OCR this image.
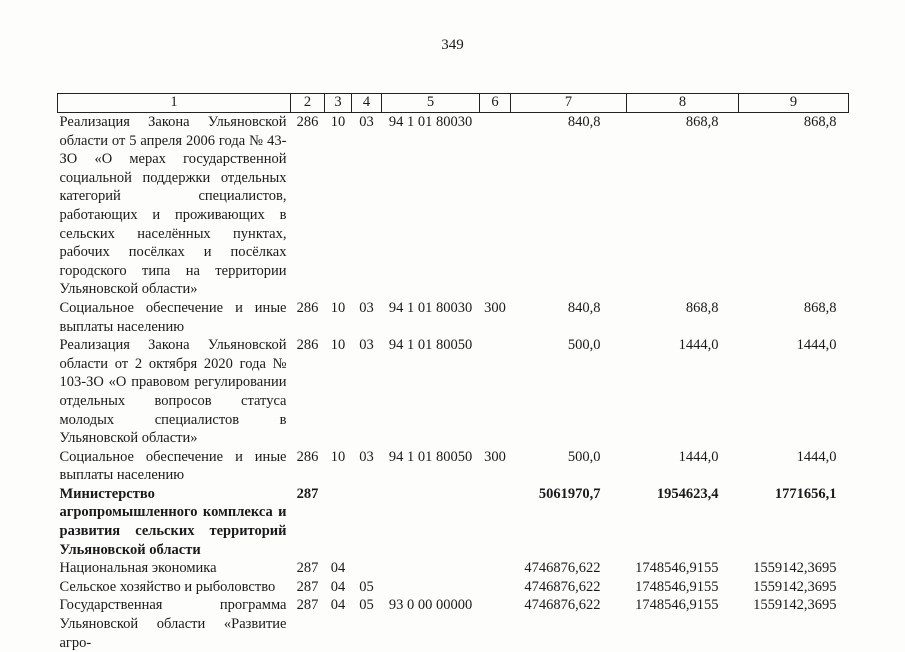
349
1	2	3	4	5	6	7	8	9
Реализация Закона Ульяновской области от 5 апреля 2006 года № 43-ЗО «О мерах государственной социальной поддержки отдельных категорий специалистов, работающих и проживающих в сельских населённых пунктах, рабочих посёлках и посёлках городского типа на территории Ульяновской области»	286	10	03	94 1 01 80030		840,8	868,8	868,8
Социальное обеспечение и иные выплаты населению	286	10	03	94 1 01 80030	300	840,8	868,8	868,8
Реализация Закона Ульяновской области от 2 октября 2020 года № 103-ЗО «О правовом регулировании отдельных вопросов статуса молодых специалистов в Ульяновской области»	286	10	03	94 1 01 80050		500,0	1444,0	1444,0
Социальное обеспечение и иные выплаты населению	286	10	03	94 1 01 80050	300	500,0	1444,0	1444,0
Министерство агропромышленного комплекса и развития сельских территорий Ульяновской области	287					5061970,7	1954623,4	1771656,1
Национальная экономика	287	04				4746876,622	1748546,9155	1559142,3695
Сельское хозяйство и рыболовство	287	04	05			4746876,622	1748546,9155	1559142,3695
Государственная программа Ульяновской области «Развитие агро-	287	04	05	93 0 00 00000		4746876,622	1748546,9155	1559142,3695
